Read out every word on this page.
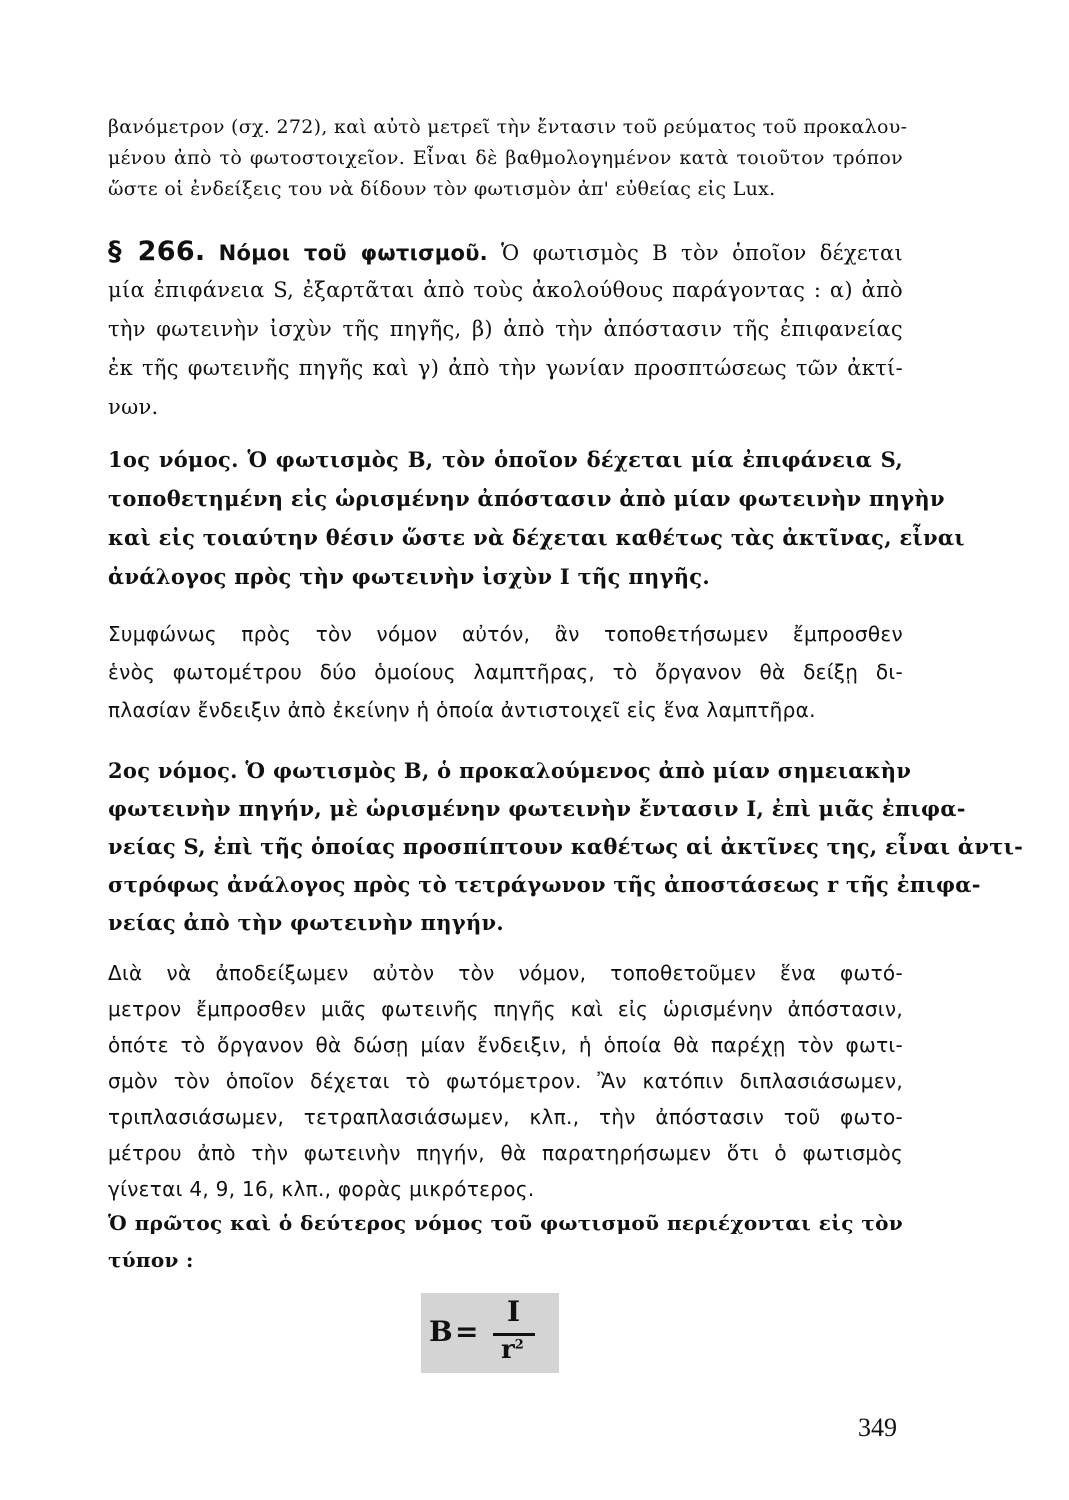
βανόμετρον (σχ. 272), καὶ αὐτὸ μετρεῖ τὴν ἔντασιν τοῦ ρεύματος τοῦ προκαλου-
μένου ἀπὸ τὸ φωτοστοιχεῖον. Εἶναι δὲ βαθμολογημένον κατὰ τοιοῦτον τρόπον
ὥστε οἱ ἐνδείξεις του νὰ δίδουν τὸν φωτισμὸν ἀπ' εὐθείας εἰς Lux.
§ 266. Νόμοι τοῦ φωτισμοῦ. Ὁ φωτισμὸς B τὸν ὁποῖον δέχεται
μία ἐπιφάνεια S, ἐξαρτᾶται ἀπὸ τοὺς ἀκολούθους παράγοντας : α) ἀπὸ
τὴν φωτεινὴν ἰσχὺν τῆς πηγῆς, β) ἀπὸ τὴν ἀπόστασιν τῆς ἐπιφανείας
ἐκ τῆς φωτεινῆς πηγῆς καὶ γ) ἀπὸ τὴν γωνίαν προσπτώσεως τῶν ἀκτί-
νων.
1ος νόμος. Ὁ φωτισμὸς B, τὸν ὁποῖον δέχεται μία ἐπιφάνεια S,
τοποθετημένη εἰς ὡρισμένην ἀπόστασιν ἀπὸ μίαν φωτεινὴν πηγὴν
καὶ εἰς τοιαύτην θέσιν ὥστε νὰ δέχεται καθέτως τὰς ἀκτῖνας, εἶναι
ἀνάλογος πρὸς τὴν φωτεινὴν ἰσχὺν I τῆς πηγῆς.
Συμφώνως πρὸς τὸν νόμον αὐτόν, ἂν τοποθετήσωμεν ἔμπροσθεν
ἑνὸς φωτομέτρου δύο ὁμοίους λαμπτῆρας, τὸ ὄργανον θὰ δείξῃ δι-
πλασίαν ἔνδειξιν ἀπὸ ἐκείνην ἡ ὁποία ἀντιστοιχεῖ εἰς ἕνα λαμπτῆρα.
2ος νόμος. Ὁ φωτισμὸς B, ὁ προκαλούμενος ἀπὸ μίαν σημειακὴν
φωτεινὴν πηγήν, μὲ ὡρισμένην φωτεινὴν ἔντασιν I, ἐπὶ μιᾶς ἐπιφα-
νείας S, ἐπὶ τῆς ὁποίας προσπίπτουν καθέτως αἱ ἀκτῖνες της, εἶναι ἀντι-
στρόφως ἀνάλογος πρὸς τὸ τετράγωνον τῆς ἀποστάσεως r τῆς ἐπιφα-
νείας ἀπὸ τὴν φωτεινὴν πηγήν.
Διὰ νὰ ἀποδείξωμεν αὐτὸν τὸν νόμον, τοποθετοῦμεν ἕνα φωτό-
μετρον ἔμπροσθεν μιᾶς φωτεινῆς πηγῆς καὶ εἰς ὡρισμένην ἀπόστασιν,
ὁπότε τὸ ὄργανον θὰ δώσῃ μίαν ἔνδειξιν, ἡ ὁποία θὰ παρέχῃ τὸν φωτι-
σμὸν τὸν ὁποῖον δέχεται τὸ φωτόμετρον. Ἂν κατόπιν διπλασιάσωμεν,
τριπλασιάσωμεν, τετραπλασιάσωμεν, κλπ., τὴν ἀπόστασιν τοῦ φωτο-
μέτρου ἀπὸ τὴν φωτεινὴν πηγήν, θὰ παρατηρήσωμεν ὅτι ὁ φωτισμὸς
γίνεται 4, 9, 16, κλπ., φορὰς μικρότερος.
Ὁ πρῶτος καὶ ὁ δεύτερος νόμος τοῦ φωτισμοῦ περιέχονται εἰς τὸν
τύπον :
B =
I
$r^2$
349
